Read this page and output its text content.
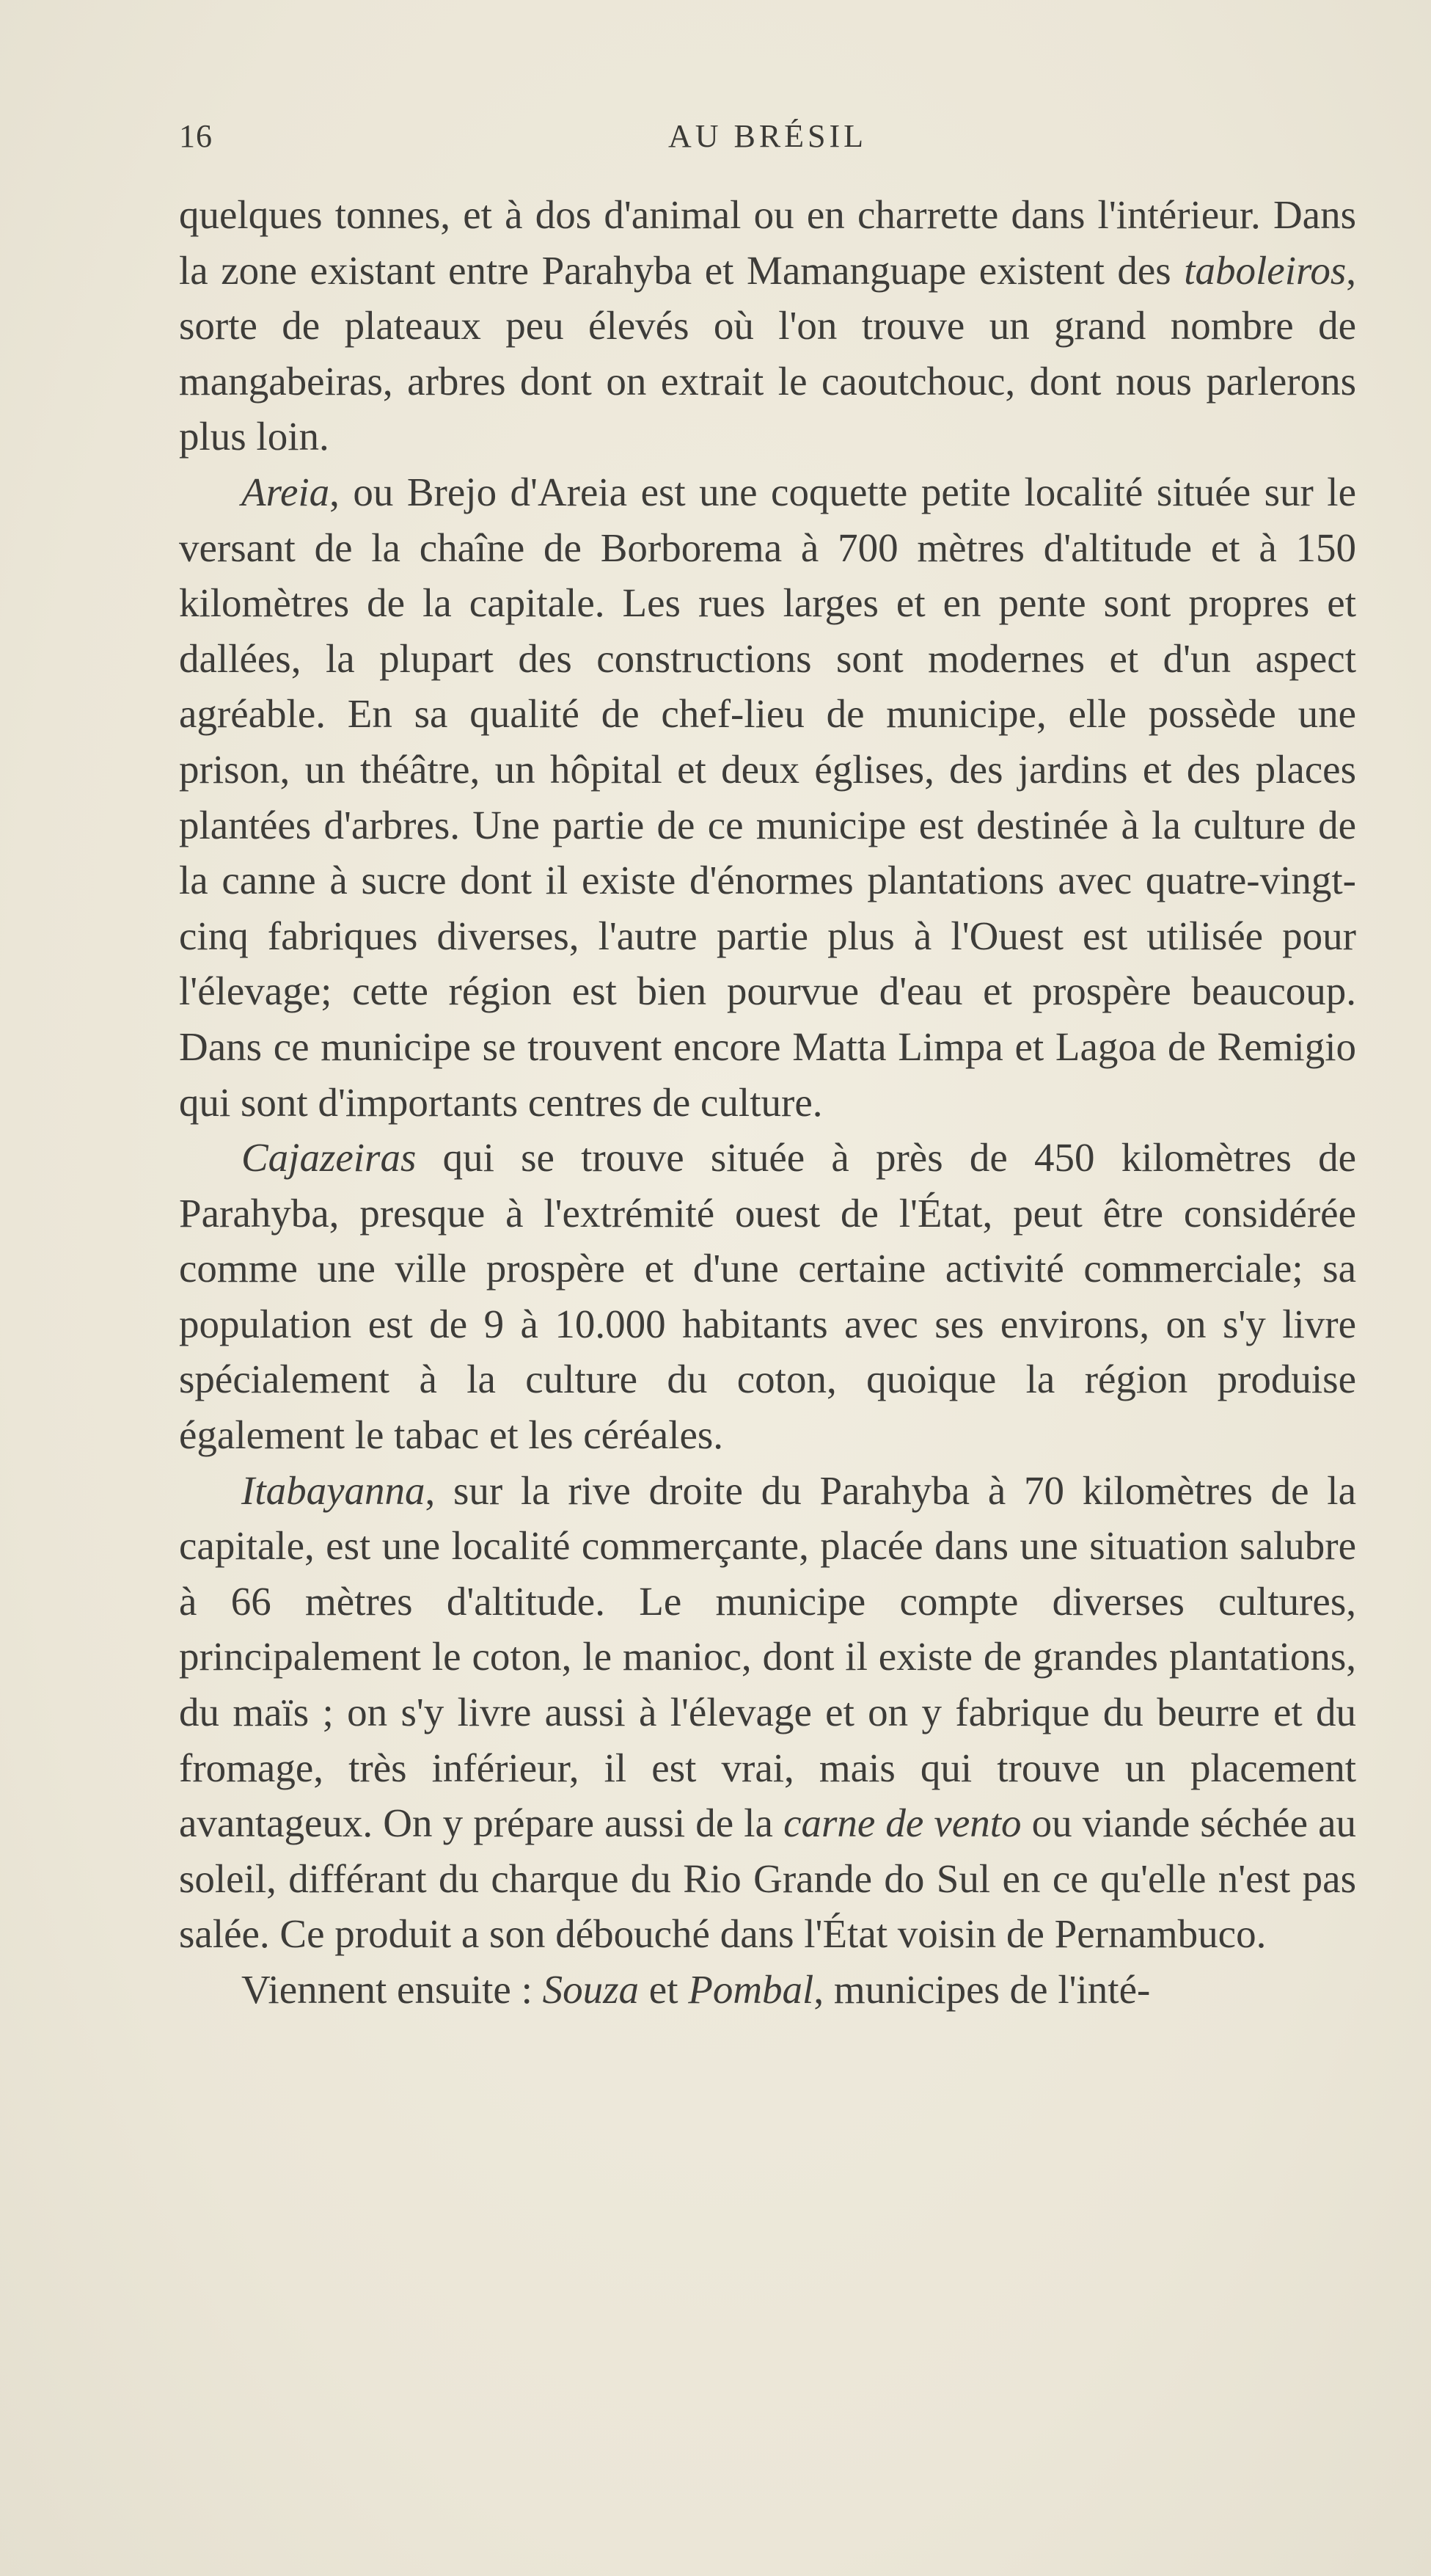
16	AU BRÉSIL

quelques tonnes, et à dos d'animal ou en charrette dans l'intérieur. Dans la zone existant entre Parahyba et Mamanguape existent des taboleiros, sorte de plateaux peu élevés où l'on trouve un grand nombre de mangabeiras, arbres dont on extrait le caoutchouc, dont nous parlerons plus loin.

Areia, ou Brejo d'Areia est une coquette petite localité située sur le versant de la chaîne de Borborema à 700 mètres d'altitude et à 150 kilomètres de la capitale. Les rues larges et en pente sont propres et dallées, la plupart des constructions sont modernes et d'un aspect agréable. En sa qualité de chef-lieu de municipe, elle possède une prison, un théâtre, un hôpital et deux églises, des jardins et des places plantées d'arbres. Une partie de ce municipe est destinée à la culture de la canne à sucre dont il existe d'énormes plantations avec quatre-vingt-cinq fabriques diverses, l'autre partie plus à l'Ouest est utilisée pour l'élevage; cette région est bien pourvue d'eau et prospère beaucoup. Dans ce municipe se trouvent encore Matta Limpa et Lagoa de Remigio qui sont d'importants centres de culture.

Cajazeiras qui se trouve située à près de 450 kilomètres de Parahyba, presque à l'extrémité ouest de l'État, peut être considérée comme une ville prospère et d'une certaine activité commerciale; sa population est de 9 à 10.000 habitants avec ses environs, on s'y livre spécialement à la culture du coton, quoique la région produise également le tabac et les céréales.

Itabayanna, sur la rive droite du Parahyba à 70 kilomètres de la capitale, est une localité commerçante, placée dans une situation salubre à 66 mètres d'altitude. Le municipe compte diverses cultures, principalement le coton, le manioc, dont il existe de grandes plantations, du maïs ; on s'y livre aussi à l'élevage et on y fabrique du beurre et du fromage, très inférieur, il est vrai, mais qui trouve un placement avantageux. On y prépare aussi de la carne de vento ou viande séchée au soleil, différant du charque du Rio Grande do Sul en ce qu'elle n'est pas salée. Ce produit a son débouché dans l'État voisin de Pernambuco.

Viennent ensuite : Souza et Pombal, municipes de l'inté-
